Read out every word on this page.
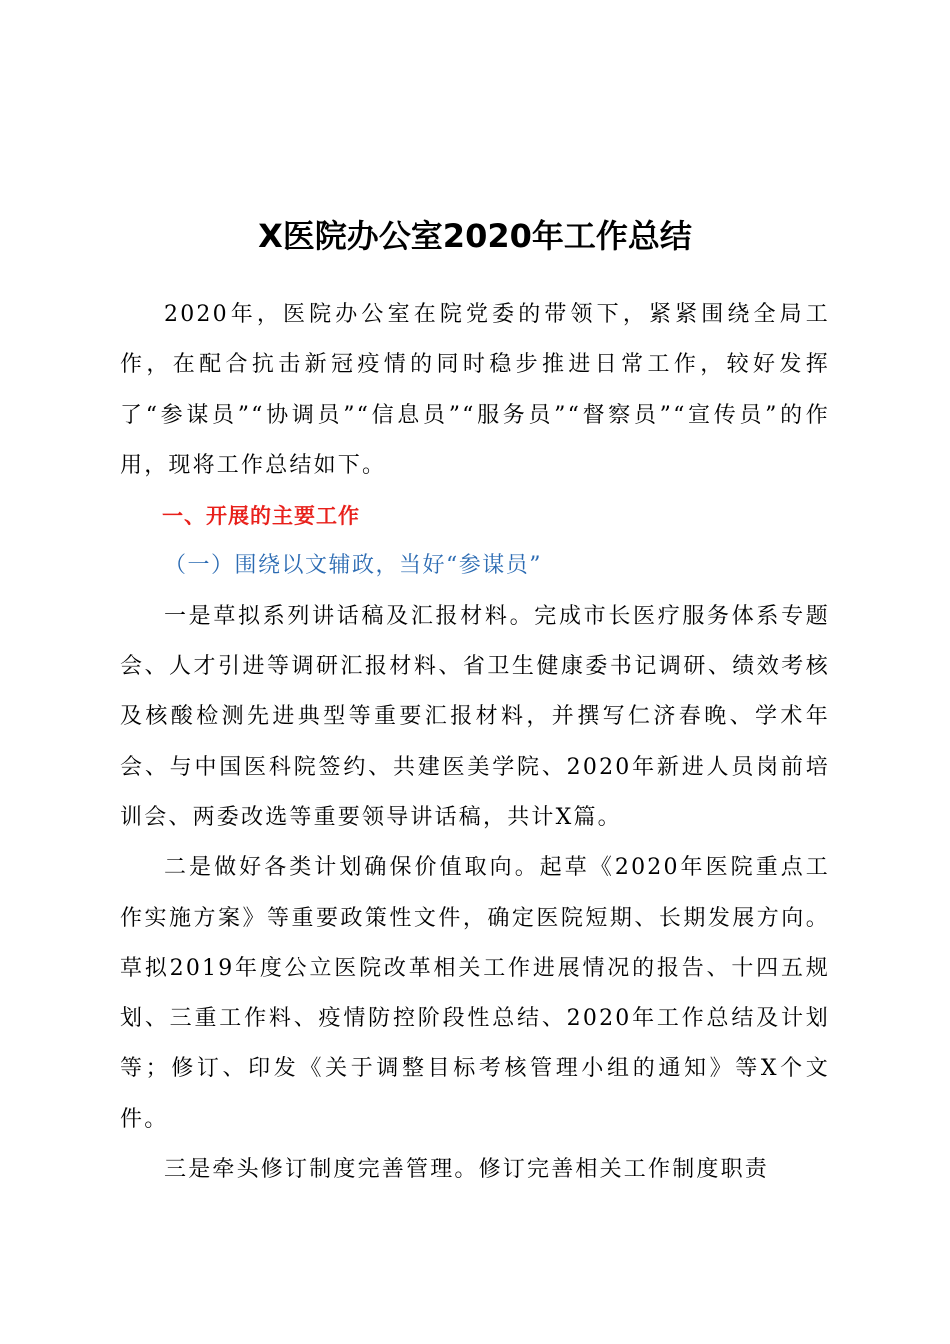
X医院办公室2020年工作总结

2020年，医院办公室在院党委的带领下，紧紧围绕全局工作，在配合抗击新冠疫情的同时稳步推进日常工作，较好发挥了“参谋员”“协调员”“信息员”“服务员”“督察员”“宣传员”的作用，现将工作总结如下。

一、开展的主要工作

（一）围绕以文辅政，当好“参谋员”

一是草拟系列讲话稿及汇报材料。完成市长医疗服务体系专题会、人才引进等调研汇报材料、省卫生健康委书记调研、绩效考核及核酸检测先进典型等重要汇报材料，并撰写仁济春晚、学术年会、与中国医科院签约、共建医美学院、2020年新进人员岗前培训会、两委改选等重要领导讲话稿，共计X篇。

二是做好各类计划确保价值取向。起草《2020年医院重点工作实施方案》等重要政策性文件，确定医院短期、长期发展方向。草拟2019年度公立医院改革相关工作进展情况的报告、十四五规划、三重工作料、疫情防控阶段性总结、2020年工作总结及计划等；修订、印发《关于调整目标考核管理小组的通知》等X个文件。

三是牵头修订制度完善管理。修订完善相关工作制度职责
